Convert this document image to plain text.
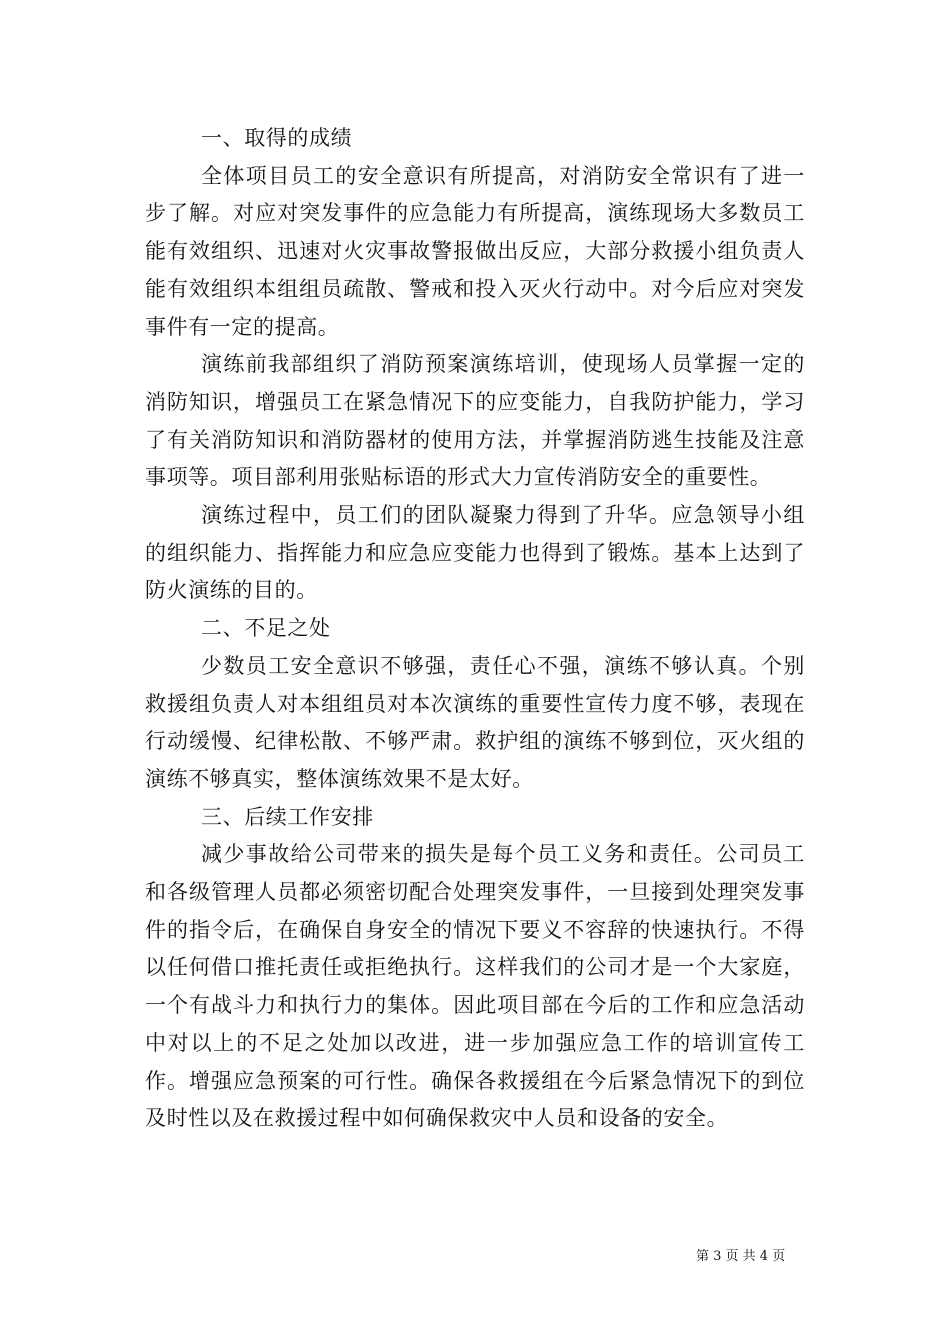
一、取得的成绩

全体项目员工的安全意识有所提高，对消防安全常识有了进一步了解。对应对突发事件的应急能力有所提高，演练现场大多数员工能有效组织、迅速对火灾事故警报做出反应，大部分救援小组负责人能有效组织本组组员疏散、警戒和投入灭火行动中。对今后应对突发事件有一定的提高。

演练前我部组织了消防预案演练培训，使现场人员掌握一定的消防知识，增强员工在紧急情况下的应变能力，自我防护能力，学习了有关消防知识和消防器材的使用方法，并掌握消防逃生技能及注意事项等。项目部利用张贴标语的形式大力宣传消防安全的重要性。

演练过程中，员工们的团队凝聚力得到了升华。应急领导小组的组织能力、指挥能力和应急应变能力也得到了锻炼。基本上达到了防火演练的目的。

二、不足之处

少数员工安全意识不够强，责任心不强，演练不够认真。个别救援组负责人对本组组员对本次演练的重要性宣传力度不够，表现在行动缓慢、纪律松散、不够严肃。救护组的演练不够到位，灭火组的演练不够真实，整体演练效果不是太好。

三、后续工作安排

减少事故给公司带来的损失是每个员工义务和责任。公司员工和各级管理人员都必须密切配合处理突发事件，一旦接到处理突发事件的指令后，在确保自身安全的情况下要义不容辞的快速执行。不得以任何借口推托责任或拒绝执行。这样我们的公司才是一个大家庭，一个有战斗力和执行力的集体。因此项目部在今后的工作和应急活动中对以上的不足之处加以改进，进一步加强应急工作的培训宣传工作。增强应急预案的可行性。确保各救援组在今后紧急情况下的到位及时性以及在救援过程中如何确保救灾中人员和设备的安全。

第 3 页 共 4 页
